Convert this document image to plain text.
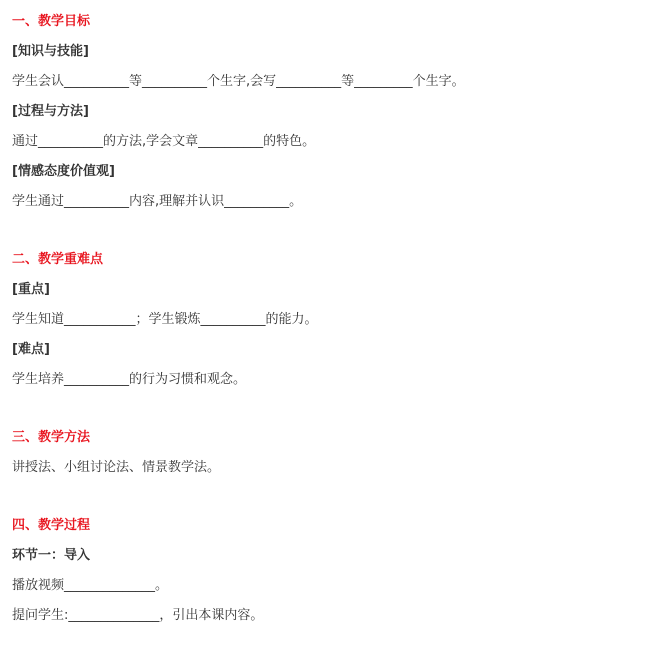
一、教学目标
[知识与技能]
学生会认__________等__________个生字,会写__________等_________个生字。
[过程与方法]
通过__________的方法,学会文章__________的特色。
[情感态度价值观]
学生通过__________内容,理解并认识__________。
二、教学重难点
[重点]
学生知道___________；学生锻炼__________的能力。
[难点]
学生培养__________的行为习惯和观念。
三、教学方法
讲授法、小组讨论法、情景教学法。
四、教学过程
环节一：导入
播放视频______________。
提问学生:______________，引出本课内容。
